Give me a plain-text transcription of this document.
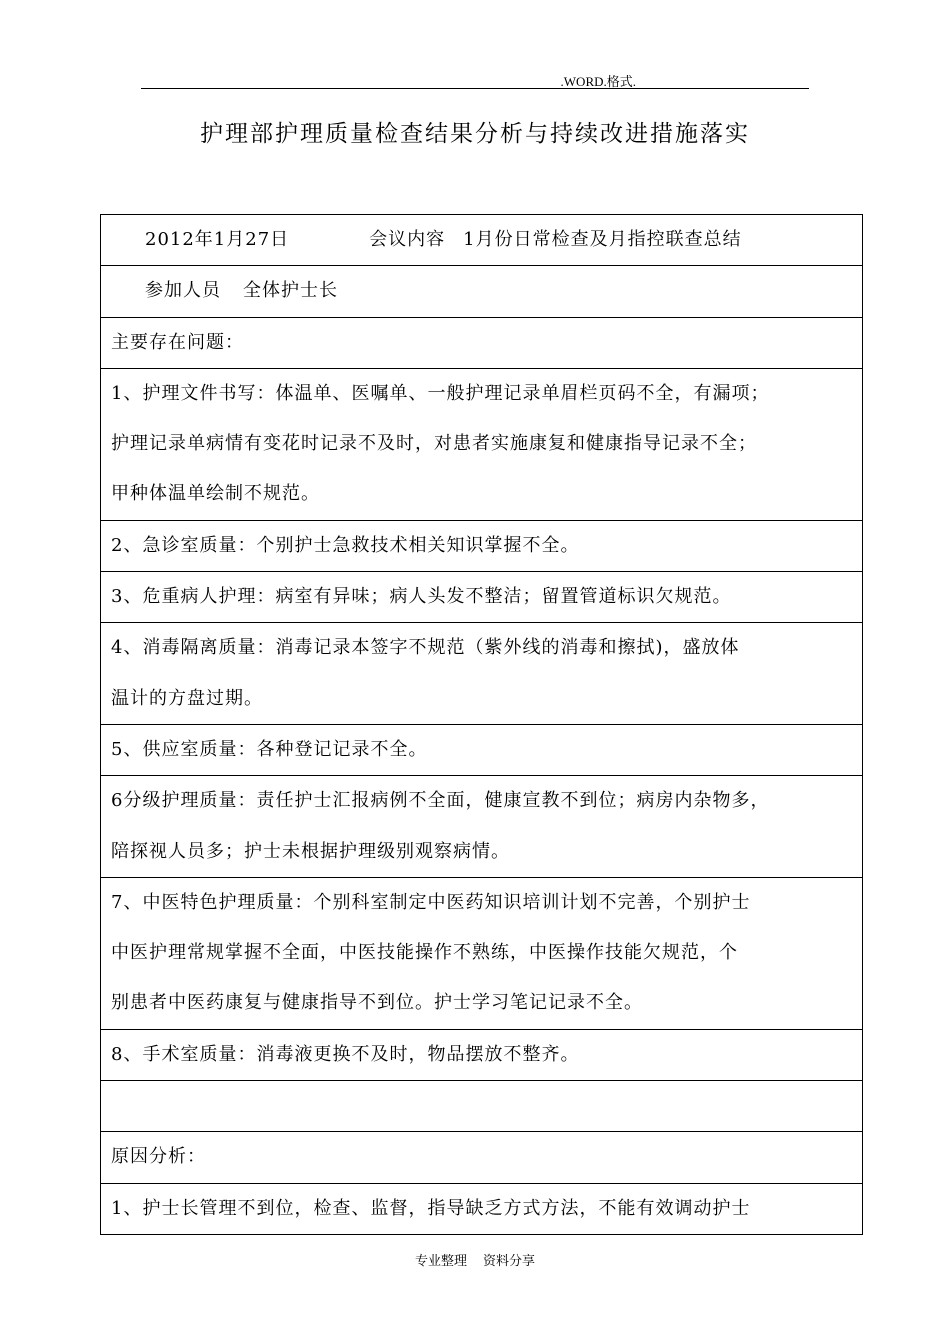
.WORD.格式.
护理部护理质量检查结果分析与持续改进措施落实
2012年1月27日	会议内容 1月份日常检查及月指控联查总结
参加人员 全体护士长
主要存在问题：
1、护理文件书写：体温单、医嘱单、一般护理记录单眉栏页码不全，有漏项；
护理记录单病情有变花时记录不及时，对患者实施康复和健康指导记录不全；
甲种体温单绘制不规范。
2、急诊室质量：个别护士急救技术相关知识掌握不全。
3、危重病人护理：病室有异味；病人头发不整洁；留置管道标识欠规范。
4、消毒隔离质量：消毒记录本签字不规范（紫外线的消毒和擦拭)，盛放体
温计的方盘过期。
5、供应室质量：各种登记记录不全。
6分级护理质量：责任护士汇报病例不全面，健康宣教不到位；病房内杂物多，
陪探视人员多；护士未根据护理级别观察病情。
7、中医特色护理质量：个别科室制定中医药知识培训计划不完善，个别护士
中医护理常规掌握不全面，中医技能操作不熟练，中医操作技能欠规范，个
别患者中医药康复与健康指导不到位。护士学习笔记记录不全。
8、手术室质量：消毒液更换不及时，物品摆放不整齐。
原因分析：
1、护士长管理不到位，检查、监督，指导缺乏方式方法，不能有效调动护士
专业整理 资料分享
